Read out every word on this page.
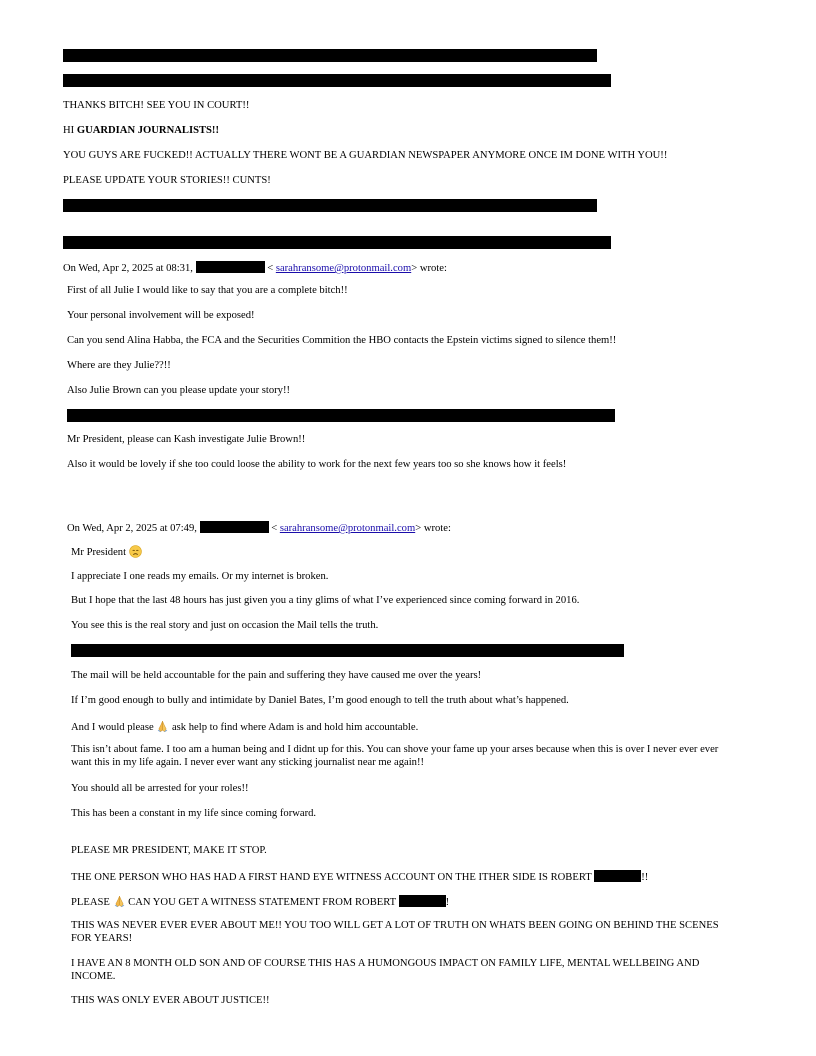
THANKS BITCH! SEE YOU IN COURT!!
HI GUARDIAN JOURNALISTS!!
YOU GUYS ARE FUCKED!! ACTUALLY THERE WONT BE A GUARDIAN NEWSPAPER ANYMORE ONCE IM DONE WITH YOU!!
PLEASE UPDATE YOUR STORIES!! CUNTS!
On Wed, Apr 2, 2025 at 08:31,	< sarahransome@protonmail.com> wrote:
First of all Julie I would like to say that you are a complete bitch!!
Your personal involvement will be exposed!
Can you send Alina Habba, the FCA and the Securities Commition the HBO contacts the Epstein victims signed to silence them!!
Where are they Julie??!!
Also Julie Brown can you please update your story!!
Mr President, please can Kash investigate Julie Brown!!
Also it would be lovely if she too could loose the ability to work for the next few years too so she knows how it feels!
On Wed, Apr 2, 2025 at 07:49,	< sarahransome@protonmail.com> wrote:
Mr President
I appreciate I one reads my emails. Or my internet is broken.
But I hope that the last 48 hours has just given you a tiny glims of what I’ve experienced since coming forward in 2016.
You see this is the real story and just on occasion the Mail tells the truth.
The mail will be held accountable for the pain and suffering they have caused me over the years!
If I’m good enough to bully and intimidate by Daniel Bates, I’m good enough to tell the truth about what’s happened.
And I would please  ask help to find where Adam is and hold him accountable.
This isn’t about fame. I too am a human being and I didnt up for this. You can shove your fame up your arses because when this is over I never ever ever want this in my life again. I never ever want any sticking journalist near me again!!
You should all be arrested for your roles!!
This has been a constant in my life since coming forward.
PLEASE MR PRESIDENT, MAKE IT STOP.
THE ONE PERSON WHO HAS HAD A FIRST HAND EYE WITNESS ACCOUNT ON THE ITHER SIDE IS ROBERT	!!
PLEASE  CAN YOU GET A WITNESS STATEMENT FROM ROBERT	!
THIS WAS NEVER EVER EVER ABOUT ME!! YOU TOO WILL GET A LOT OF TRUTH ON WHATS BEEN GOING ON BEHIND THE SCENES FOR YEARS!
I HAVE AN 8 MONTH OLD SON AND OF COURSE THIS HAS A HUMONGOUS IMPACT ON FAMILY LIFE, MENTAL WELLBEING AND INCOME.
THIS WAS ONLY EVER ABOUT JUSTICE!!
